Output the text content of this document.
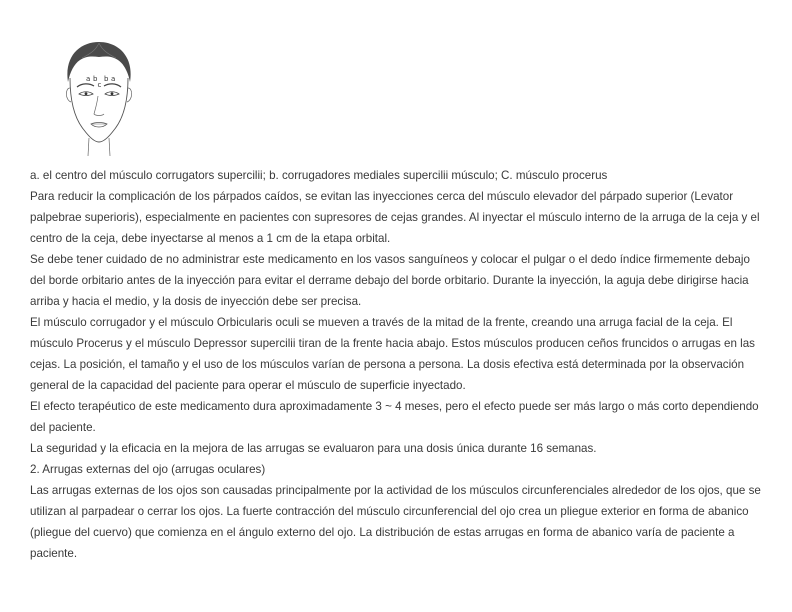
a b b a
c

a. el centro del músculo corrugators supercilii; b. corrugadores mediales supercilii músculo; C. músculo procerus

Para reducir la complicación de los párpados caídos, se evitan las inyecciones cerca del músculo elevador del párpado superior (Levator palpebrae superioris), especialmente en pacientes con supresores de cejas grandes. Al inyectar el músculo interno de la arruga de la ceja y el centro de la ceja, debe inyectarse al menos a 1 cm de la etapa orbital.

Se debe tener cuidado de no administrar este medicamento en los vasos sanguíneos y colocar el pulgar o el dedo índice firmemente debajo del borde orbitario antes de la inyección para evitar el derrame debajo del borde orbitario. Durante la inyección, la aguja debe dirigirse hacia arriba y hacia el medio, y la dosis de inyección debe ser precisa.

El músculo corrugador y el músculo Orbicularis oculi se mueven a través de la mitad de la frente, creando una arruga facial de la ceja. El músculo Procerus y el músculo Depressor supercilii tiran de la frente hacia abajo. Estos músculos producen ceños fruncidos o arrugas en las cejas. La posición, el tamaño y el uso de los músculos varían de persona a persona. La dosis efectiva está determinada por la observación general de la capacidad del paciente para operar el músculo de superficie inyectado.

El efecto terapéutico de este medicamento dura aproximadamente 3 ~ 4 meses, pero el efecto puede ser más largo o más corto dependiendo del paciente.

La seguridad y la eficacia en la mejora de las arrugas se evaluaron para una dosis única durante 16 semanas.

2. Arrugas externas del ojo (arrugas oculares)

Las arrugas externas de los ojos son causadas principalmente por la actividad de los músculos circunferenciales alrededor de los ojos, que se utilizan al parpadear o cerrar los ojos. La fuerte contracción del músculo circunferencial del ojo crea un pliegue exterior en forma de abanico (pliegue del cuervo) que comienza en el ángulo externo del ojo. La distribución de estas arrugas en forma de abanico varía de paciente a paciente.
